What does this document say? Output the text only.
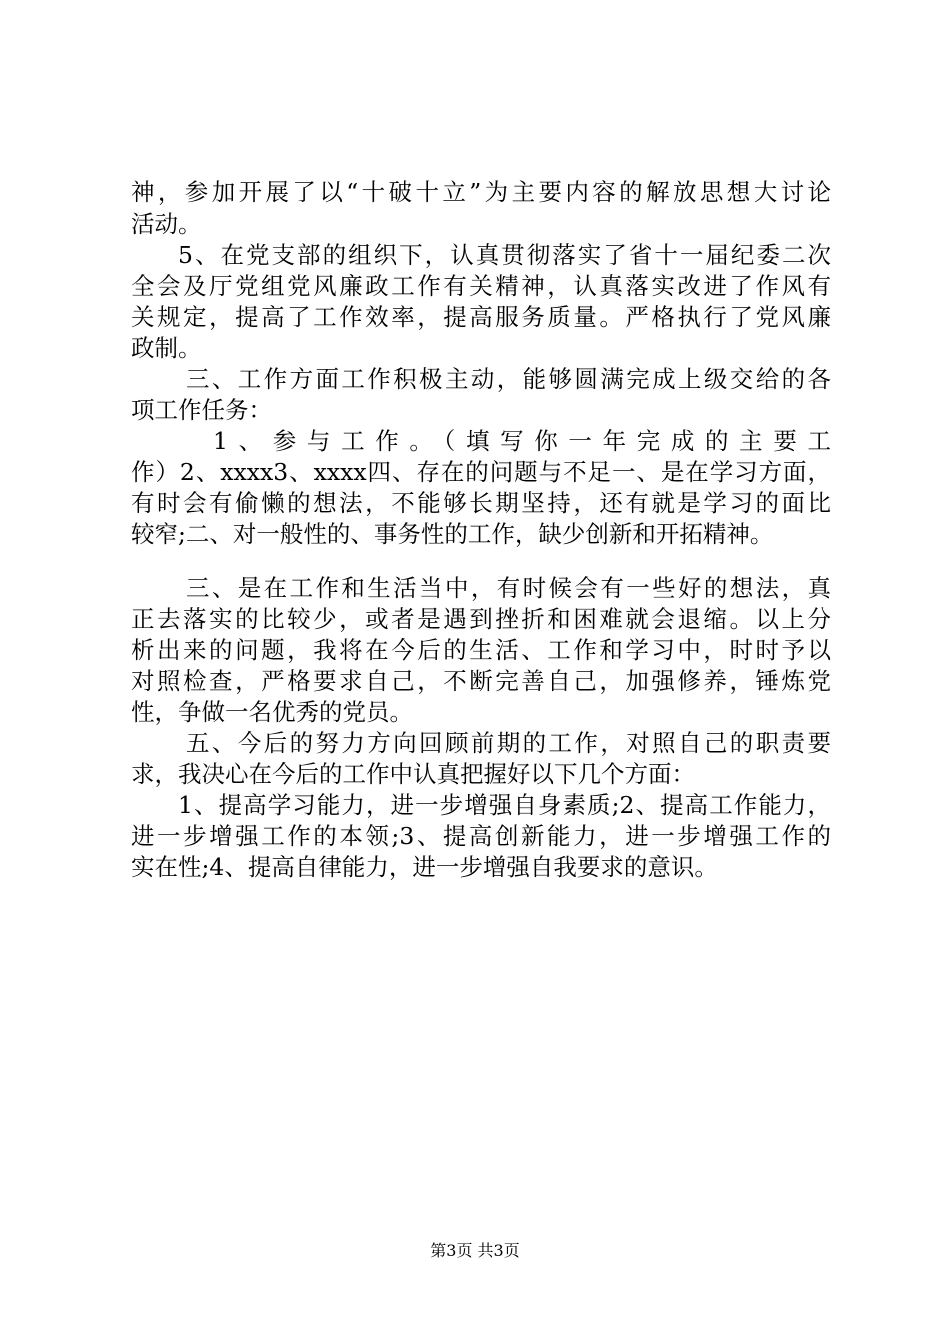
神，参加开展了以“十破十立”为主要内容的解放思想大讨论
活动。
5、在党支部的组织下，认真贯彻落实了省十一届纪委二次
全会及厅党组党风廉政工作有关精神，认真落实改进了作风有
关规定，提高了工作效率，提高服务质量。严格执行了党风廉
政制。
三、工作方面工作积极主动，能够圆满完成上级交给的各
项工作任务：
1、参与工作。（填写你一年完成的主要工
作）2、xxxx3、xxxx四、存在的问题与不足一、是在学习方面，
有时会有偷懒的想法，不能够长期坚持，还有就是学习的面比
较窄;二、对一般性的、事务性的工作，缺少创新和开拓精神。
三、是在工作和生活当中，有时候会有一些好的想法，真
正去落实的比较少，或者是遇到挫折和困难就会退缩。以上分
析出来的问题，我将在今后的生活、工作和学习中，时时予以
对照检查，严格要求自己，不断完善自己，加强修养，锤炼党
性，争做一名优秀的党员。
五、今后的努力方向回顾前期的工作，对照自己的职责要
求，我决心在今后的工作中认真把握好以下几个方面：
1、提高学习能力，进一步增强自身素质;2、提高工作能力，
进一步增强工作的本领;3、提高创新能力，进一步增强工作的
实在性;4、提高自律能力，进一步增强自我要求的意识。
第3页 共3页
